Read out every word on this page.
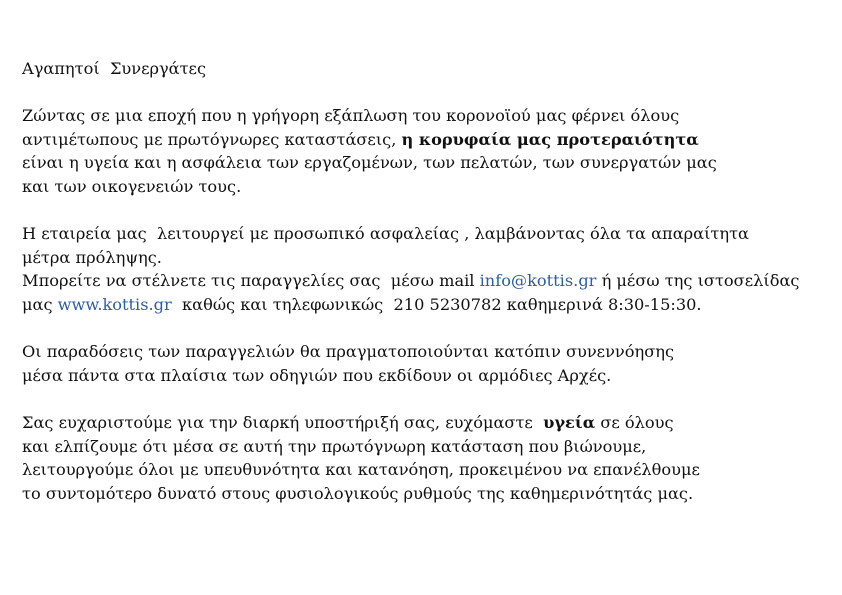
Αγαπητοί  Συνεργάτες
Ζώντας σε μια εποχή που η γρήγορη εξάπλωση του κορονοϊού μας φέρνει όλους
αντιμέτωπους με πρωτόγνωρες καταστάσεις, η κορυφαία μας προτεραιότητα
είναι η υγεία και η ασφάλεια των εργαζομένων, των πελατών, των συνεργατών μας
και των οικογενειών τους.
Η εταιρεία μας  λειτουργεί με προσωπικό ασφαλείας , λαμβάνοντας όλα τα απαραίτητα
μέτρα πρόληψης.
Μπορείτε να στέλνετε τις παραγγελίες σας  μέσω mail info@kottis.gr ή μέσω της ιστοσελίδας
μας www.kottis.gr  καθώς και τηλεφωνικώς  210 5230782 καθημερινά 8:30-15:30.
Οι παραδόσεις των παραγγελιών θα πραγματοποιούνται κατόπιν συνεννόησης
μέσα πάντα στα πλαίσια των οδηγιών που εκδίδουν οι αρμόδιες Αρχές.
Σας ευχαριστούμε για την διαρκή υποστήριξή σας, ευχόμαστε  υγεία σε όλους
και ελπίζουμε ότι μέσα σε αυτή την πρωτόγνωρη κατάσταση που βιώνουμε,
λειτουργούμε όλοι με υπευθυνότητα και κατανόηση, προκειμένου να επανέλθουμε
το συντομότερο δυνατό στους φυσιολογικούς ρυθμούς της καθημερινότητάς μας.
